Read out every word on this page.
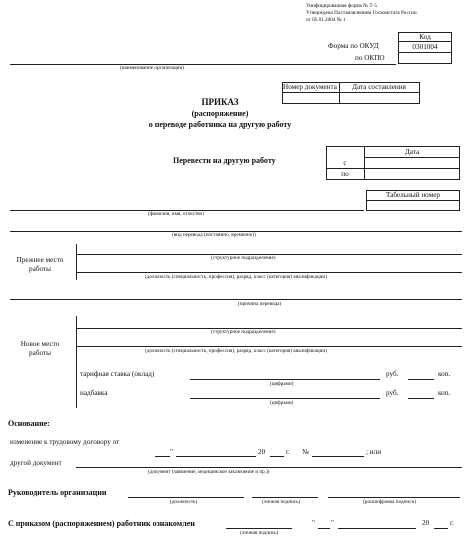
Унифицированная форма № Т-5
Утверждена Постановлением Госкомстата России
от 05.01.2004 № 1
Код
0301004
Форма по ОКУД
по ОКПО
(наименование организации)
Номер документа	Дата составления
ПРИКАЗ
(распоряжение)
о переводе работника на другую работу
Перевести на другую работу
Дата
с
по
Табельный номер
(фамилия, имя, отчество)
(вид перевода (постоянно, временно))
Прежнее место
работы
(структурное подразделение)
(должность (специальность, профессия), разряд, класс (категория) квалификации)
(причина перевода)
Новое место
работы
(структурное подразделение)
(должность (специальность, профессия), разряд, класс (категория) квалификации)
тарифная ставка (оклад)	руб.	коп.
(цифрами)
надбавка	руб.	коп.
(цифрами)
Основание:
изменение к трудовому договору от
"	20	г. №	; или
другой документ
(документ (заявление, медицинское заключение и пр.))
Руководитель организации
(должность)	(личная подпись)	(расшифровка подписи)
С приказом (распоряжением) работник ознакомлен
(личная подпись)
" "	20	г.
